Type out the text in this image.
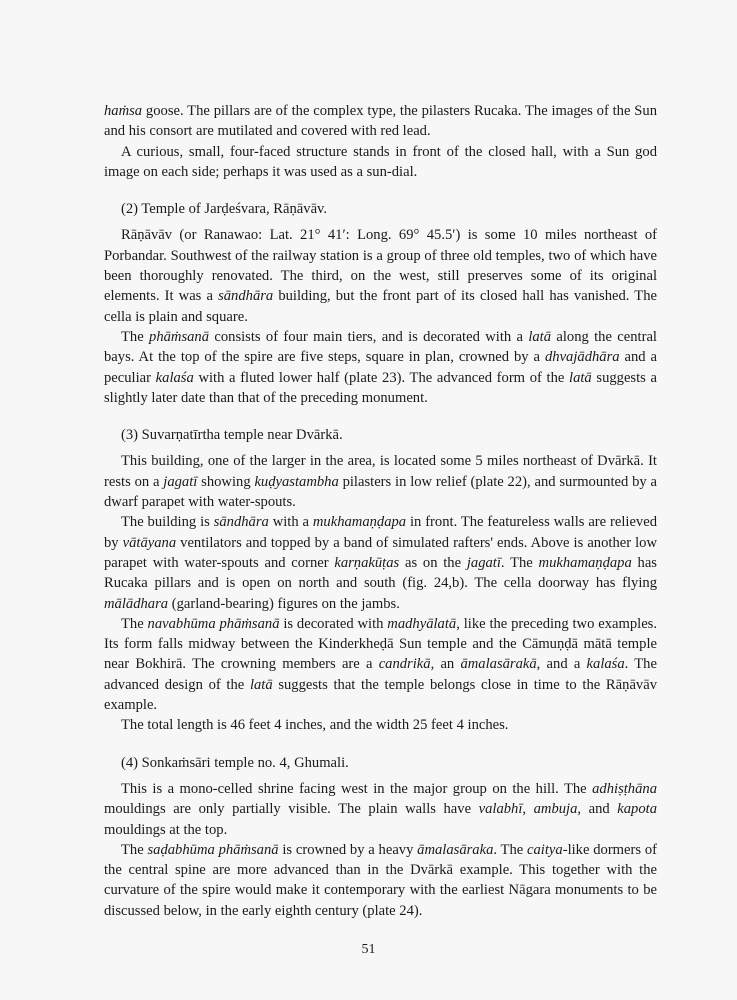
haṁsa goose. The pillars are of the complex type, the pilasters Rucaka. The images of the Sun and his consort are mutilated and covered with red lead.

A curious, small, four-faced structure stands in front of the closed hall, with a Sun god image on each side; perhaps it was used as a sun-dial.

(2) Temple of Jarḍeśvara, Rāṇāvāv.

Rāṇāvāv (or Ranawao: Lat. 21° 41′: Long. 69° 45.5′) is some 10 miles northeast of Porbandar. Southwest of the railway station is a group of three old temples, two of which have been thoroughly renovated. The third, on the west, still preserves some of its original elements. It was a sāndhāra building, but the front part of its closed hall has vanished. The cella is plain and square.

The phāṁsanā consists of four main tiers, and is decorated with a latā along the central bays. At the top of the spire are five steps, square in plan, crowned by a dhvajādhāra and a peculiar kalaśa with a fluted lower half (plate 23). The advanced form of the latā suggests a slightly later date than that of the preceding monument.

(3) Suvarṇatīrtha temple near Dvārkā.

This building, one of the larger in the area, is located some 5 miles northeast of Dvārkā. It rests on a jagatī showing kuḍyastambha pilasters in low relief (plate 22), and surmounted by a dwarf parapet with water-spouts.

The building is sāndhāra with a mukhamaṇḍapa in front. The featureless walls are relieved by vātāyana ventilators and topped by a band of simulated rafters' ends. Above is another low parapet with water-spouts and corner karṇakūṭas as on the jagatī. The mukhamaṇḍapa has Rucaka pillars and is open on north and south (fig. 24,b). The cella doorway has flying mālādhara (garland-bearing) figures on the jambs.

The navabhūma phāṁsanā is decorated with madhyālatā, like the preceding two examples. Its form falls midway between the Kinderkheḍā Sun temple and the Cāmuṇḍā mātā temple near Bokhirā. The crowning members are a candrikā, an āmalasārakā, and a kalaśa. The advanced design of the latā suggests that the temple belongs close in time to the Rāṇāvāv example.

The total length is 46 feet 4 inches, and the width 25 feet 4 inches.

(4) Sonkaṁsāri temple no. 4, Ghumali.

This is a mono-celled shrine facing west in the major group on the hill. The adhiṣṭhāna mouldings are only partially visible. The plain walls have valabhī, ambuja, and kapota mouldings at the top.

The saḍabhūma phāṁsanā is crowned by a heavy āmalasāraka. The caitya-like dormers of the central spine are more advanced than in the Dvārkā example. This together with the curvature of the spire would make it contemporary with the earliest Nāgara monuments to be discussed below, in the early eighth century (plate 24).

51
